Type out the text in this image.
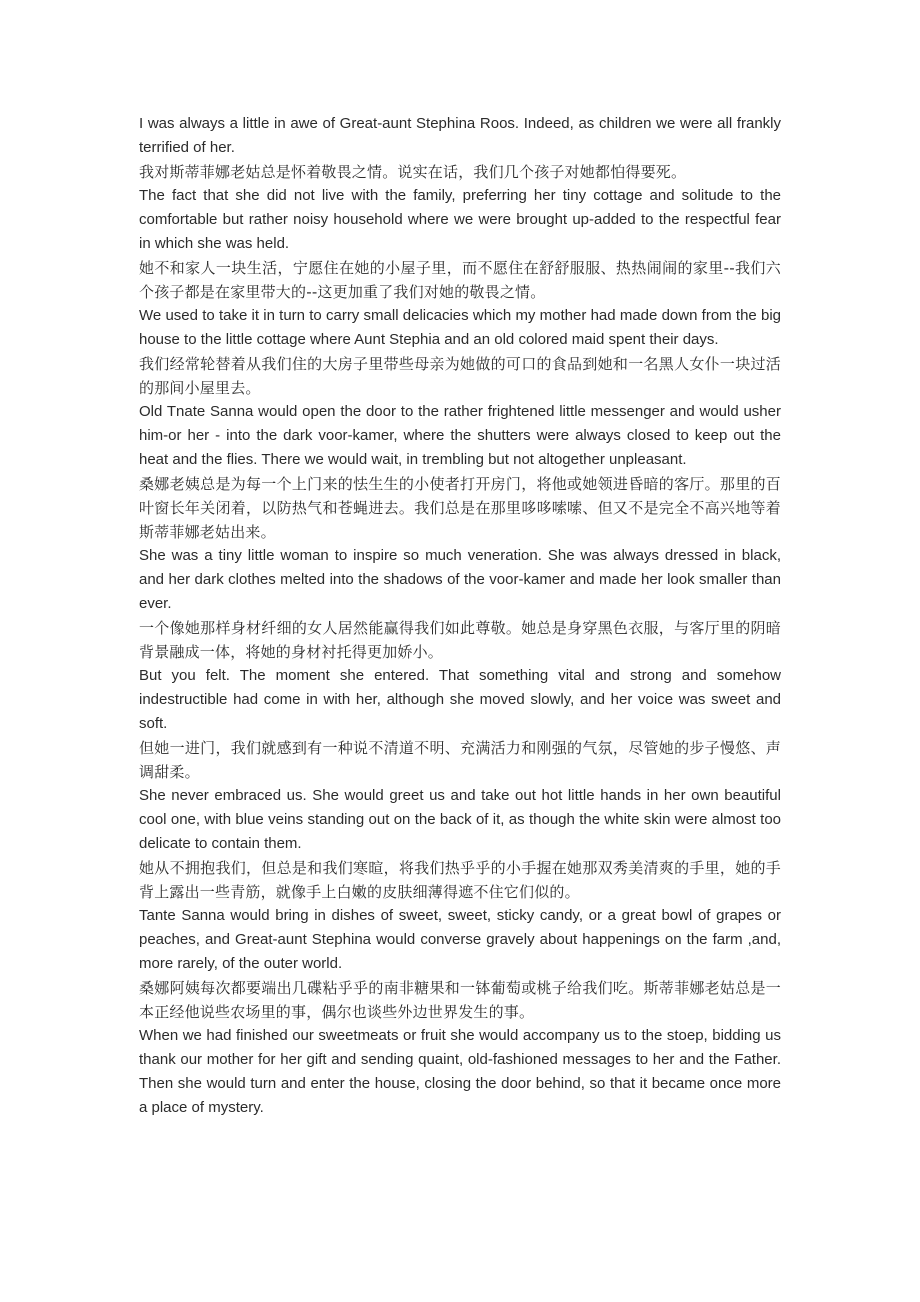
I was always a little in awe of Great-aunt Stephina Roos. Indeed, as children we were all frankly terrified of her.

我对斯蒂菲娜老姑总是怀着敬畏之情。说实在话，我们几个孩子对她都怕得要死。

The fact that she did not live with the family, preferring her tiny cottage and solitude to the comfortable but rather noisy household where we were brought up-added to the respectful fear in which she was held.

她不和家人一块生活，宁愿住在她的小屋子里，而不愿住在舒舒服服、热热闹闹的家里--我们六个孩子都是在家里带大的--这更加重了我们对她的敬畏之情。

We used to take it in turn to carry small delicacies which my mother had made down from the big house to the little cottage where Aunt Stephia and an old colored maid spent their days.

我们经常轮替着从我们住的大房子里带些母亲为她做的可口的食品到她和一名黑人女仆一块过活的那间小屋里去。

Old Tnate Sanna would open the door to the rather frightened little messenger and would usher him-or her - into the dark voor-kamer, where the shutters were always closed to keep out the heat and the flies. There we would wait, in trembling but not altogether unpleasant.

桑娜老姨总是为每一个上门来的怯生生的小使者打开房门，将他或她领进昏暗的客厅。那里的百叶窗长年关闭着，以防热气和苍蝇进去。我们总是在那里哆哆嗦嗦、但又不是完全不高兴地等着斯蒂菲娜老姑出来。

She was a tiny little woman to inspire so much veneration. She was always dressed in black, and her dark clothes melted into the shadows of the voor-kamer and made her look smaller than ever.

一个像她那样身材纤细的女人居然能赢得我们如此尊敬。她总是身穿黑色衣服，与客厅里的阴暗背景融成一体，将她的身材衬托得更加娇小。

But you felt. The moment she entered. That something vital and strong and somehow indestructible had come in with her, although she moved slowly, and her voice was sweet and soft.

但她一进门，我们就感到有一种说不清道不明、充满活力和刚强的气氛，尽管她的步子慢悠、声调甜柔。

She never embraced us. She would greet us and take out hot little hands in her own beautiful cool one, with blue veins standing out on the back of it, as though the white skin were almost too delicate to contain them.

她从不拥抱我们，但总是和我们寒暄，将我们热乎乎的小手握在她那双秀美清爽的手里，她的手背上露出一些青筋，就像手上白嫩的皮肤细薄得遮不住它们似的。

Tante Sanna would bring in dishes of sweet, sweet, sticky candy, or a great bowl of grapes or peaches, and Great-aunt Stephina would converse gravely about happenings on the farm ,and, more rarely, of the outer world.

桑娜阿姨每次都要端出几碟粘乎乎的南非糖果和一钵葡萄或桃子给我们吃。斯蒂菲娜老姑总是一本正经他说些农场里的事，偶尔也谈些外边世界发生的事。

When we had finished our sweetmeats or fruit she would accompany us to the stoep, bidding us thank our mother for her gift and sending quaint, old-fashioned messages to her and the Father. Then she would turn and enter the house, closing the door behind, so that it became once more a place of mystery.
